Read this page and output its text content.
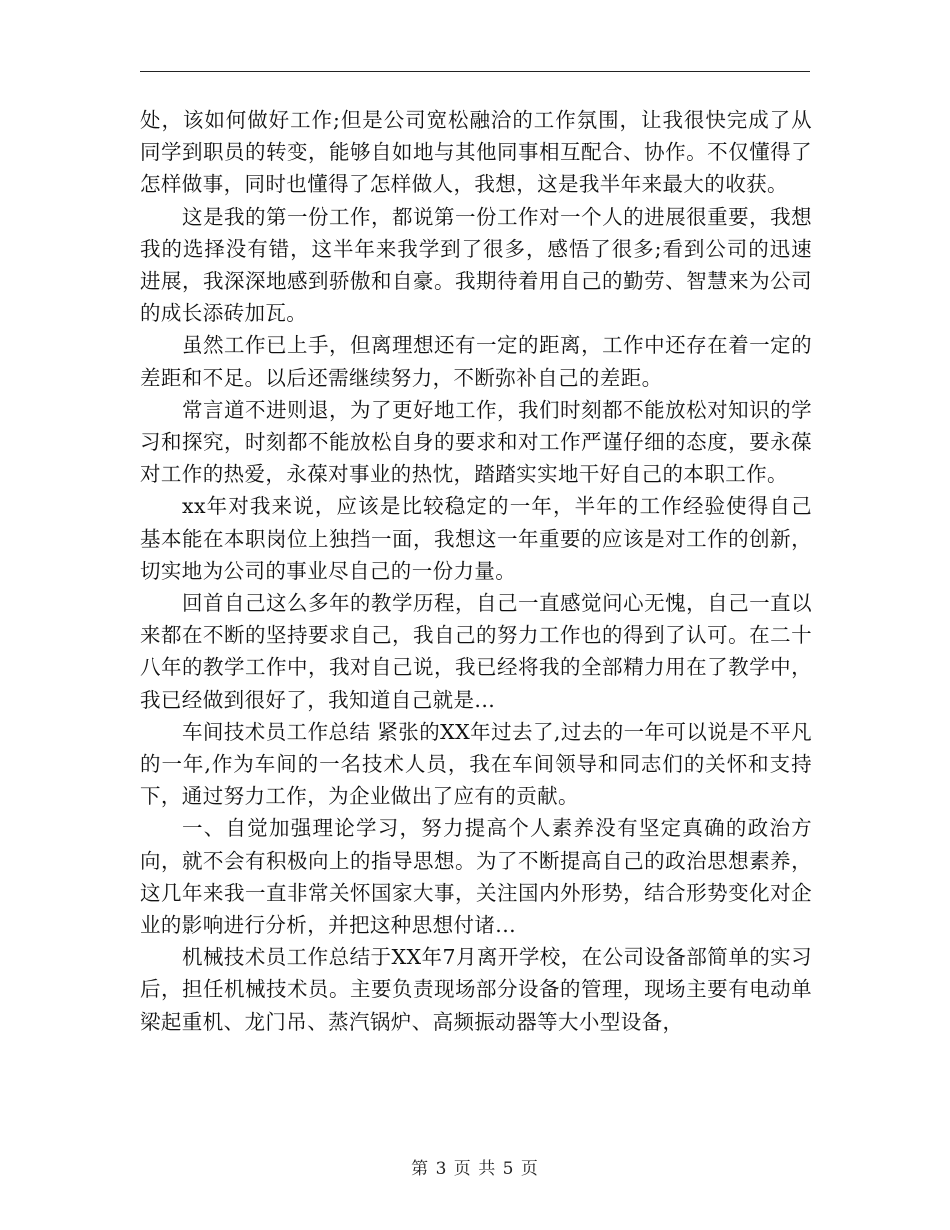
处，该如何做好工作;但是公司宽松融洽的工作氛围，让我很快完成了从同学到职员的转变，能够自如地与其他同事相互配合、协作。不仅懂得了怎样做事，同时也懂得了怎样做人，我想，这是我半年来最大的收获。

这是我的第一份工作，都说第一份工作对一个人的进展很重要，我想我的选择没有错，这半年来我学到了很多，感悟了很多;看到公司的迅速进展，我深深地感到骄傲和自豪。我期待着用自己的勤劳、智慧来为公司的成长添砖加瓦。

虽然工作已上手，但离理想还有一定的距离，工作中还存在着一定的差距和不足。以后还需继续努力，不断弥补自己的差距。

常言道不进则退，为了更好地工作，我们时刻都不能放松对知识的学习和探究，时刻都不能放松自身的要求和对工作严谨仔细的态度，要永葆对工作的热爱，永葆对事业的热忱，踏踏实实地干好自己的本职工作。

xx年对我来说，应该是比较稳定的一年，半年的工作经验使得自己基本能在本职岗位上独挡一面，我想这一年重要的应该是对工作的创新，切实地为公司的事业尽自己的一份力量。

回首自己这么多年的教学历程，自己一直感觉问心无愧，自己一直以来都在不断的坚持要求自己，我自己的努力工作也的得到了认可。在二十八年的教学工作中，我对自己说，我已经将我的全部精力用在了教学中，我已经做到很好了，我知道自己就是...

车间技术员工作总结 紧张的XX年过去了,过去的一年可以说是不平凡的一年,作为车间的一名技术人员，我在车间领导和同志们的关怀和支持下，通过努力工作，为企业做出了应有的贡献。

一、自觉加强理论学习，努力提高个人素养没有坚定真确的政治方向，就不会有积极向上的指导思想。为了不断提高自己的政治思想素养，这几年来我一直非常关怀国家大事，关注国内外形势，结合形势变化对企业的影响进行分析，并把这种思想付诸...

机械技术员工作总结于XX年7月离开学校，在公司设备部简单的实习后，担任机械技术员。主要负责现场部分设备的管理，现场主要有电动单梁起重机、龙门吊、蒸汽锅炉、高频振动器等大小型设备，

第 3 页 共 5 页
